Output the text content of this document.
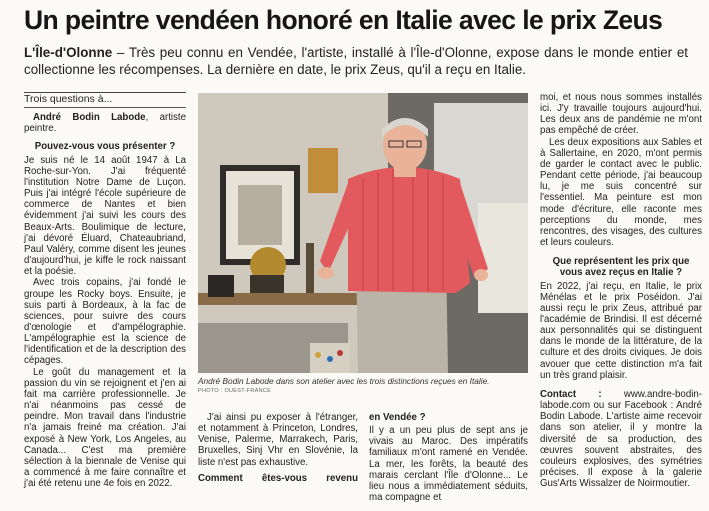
Un peintre vendéen honoré en Italie avec le prix Zeus
L'Île-d'Olonne – Très peu connu en Vendée, l'artiste, installé à l'Île-d'Olonne, expose dans le monde entier et collectionne les récompenses. La dernière en date, le prix Zeus, qu'il a reçu en Italie.
Trois questions à...

André Bodin Labode, artiste peintre.

Pouvez-vous vous présenter ?

Je suis né le 14 août 1947 à La Roche-sur-Yon. J'ai fréquenté l'institution Notre Dame de Luçon. Puis j'ai intégré l'école supérieure de commerce de Nantes et bien évidemment j'ai suivi les cours des Beaux-Arts. Boulimique de lecture, j'ai dévoré Éluard, Chateaubriand, Paul Valéry, comme disent les jeunes d'aujourd'hui, je kiffe le rock naissant et la poésie.

Avec trois copains, j'ai fondé le groupe les Rocky boys. Ensuite, je suis parti à Bordeaux, à la fac de sciences, pour suivre des cours d'œnologie et d'ampélographie. L'ampélographie est la science de l'identification et de la description des cépages.

Le goût du management et la passion du vin se rejoignent et j'en ai fait ma carrière professionnelle. Je n'ai néanmoins pas cessé de peindre. Mon travail dans l'industrie n'a jamais freiné ma création. J'ai exposé à New York, Los Angeles, au Canada... C'est ma première sélection à la biennale de Venise qui a commencé à me faire connaître et j'ai été retenu une 4e fois en 2022.

André Bodin Labode dans son atelier avec les trois distinctions reçues en Italie.
PHOTO : OUEST-FRANCE

J'ai ainsi pu exposer à l'étranger, et notamment à Princeton, Londres, Venise, Palerme, Marrakech, Paris, Bruxelles, Sinj Vhr en Slovénie, la liste n'est pas exhaustive.

Comment êtes-vous revenu

en Vendée ?

Il y a un peu plus de sept ans je vivais au Maroc. Des impératifs familiaux m'ont ramené en Vendée. La mer, les forêts, la beauté des marais cerclant l'Île d'Olonne... Le lieu nous a immédiatement séduits, ma compagne et

moi, et nous nous sommes installés ici. J'y travaille toujours aujourd'hui. Les deux ans de pandémie ne m'ont pas empêché de créer.

Les deux expositions aux Sables et à Sallertaine, en 2020, m'ont permis de garder le contact avec le public. Pendant cette période, j'ai beaucoup lu, je me suis concentré sur l'essentiel. Ma peinture est mon mode d'écriture, elle raconte mes perceptions du monde, mes rencontres, des visages, des cultures et leurs couleurs.

Que représentent les prix que vous avez reçus en Italie ?

En 2022, j'ai reçu, en Italie, le prix Ménélas et le prix Poséidon. J'ai aussi reçu le prix Zeus, attribué par l'académie de Brindisi. Il est décerné aux personnalités qui se distinguent dans le monde de la littérature, de la culture et des droits civiques. Je dois avouer que cette distinction m'a fait un très grand plaisir.

Contact : www.andre-bodin-labode.com ou sur Facebook : André Bodin Labode. L'artiste aime recevoir dans son atelier, il y montre la diversité de sa production, des œuvres souvent abstraites, des couleurs explosives, des symétries précises. Il expose à la galerie Gus'Arts Wissalzer de Noirmoutier.
